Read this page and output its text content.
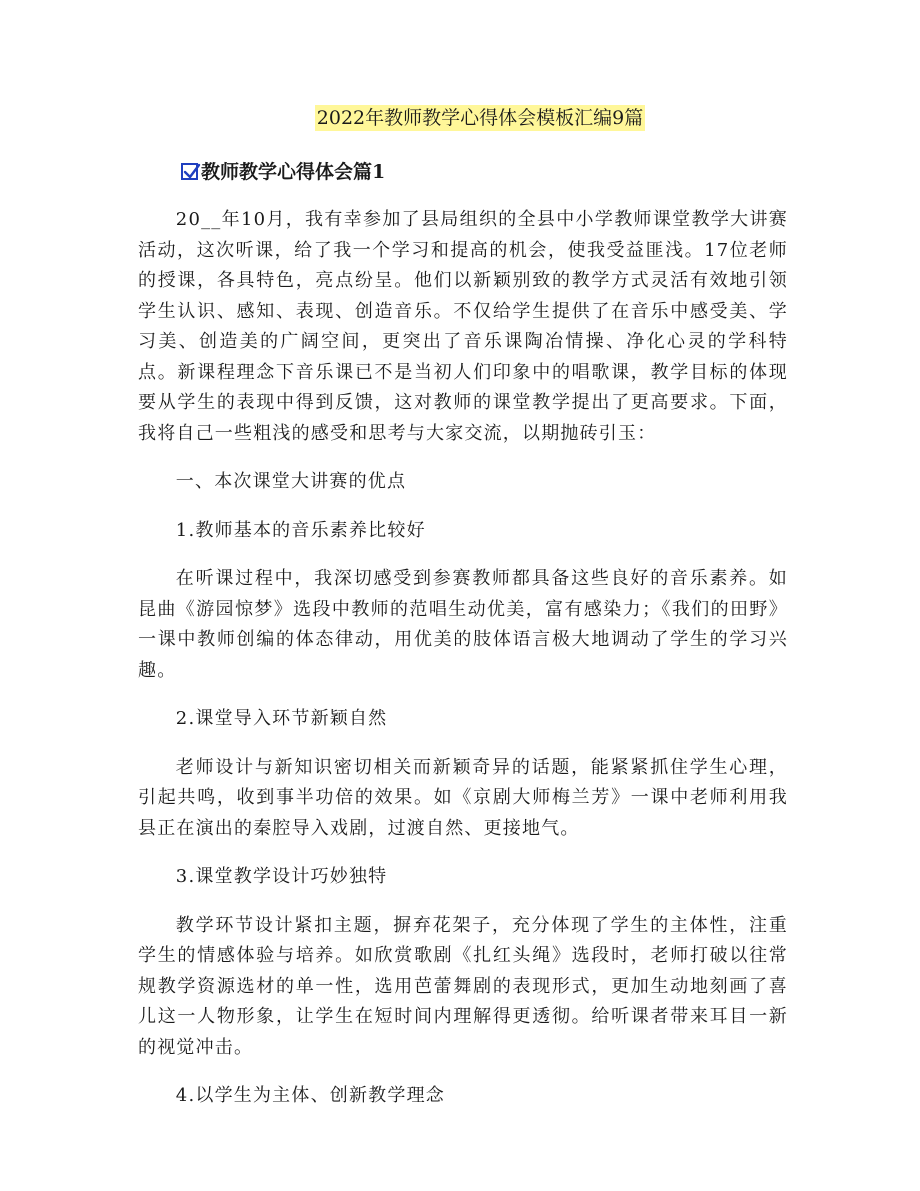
2022年教师教学心得体会模板汇编9篇
教师教学心得体会篇1

20__年10月，我有幸参加了县局组织的全县中小学教师课堂教学大讲赛活动，这次听课，给了我一个学习和提高的机会，使我受益匪浅。17位老师的授课，各具特色，亮点纷呈。他们以新颖别致的教学方式灵活有效地引领学生认识、感知、表现、创造音乐。不仅给学生提供了在音乐中感受美、学习美、创造美的广阔空间，更突出了音乐课陶冶情操、净化心灵的学科特点。新课程理念下音乐课已不是当初人们印象中的唱歌课，教学目标的体现要从学生的表现中得到反馈，这对教师的课堂教学提出了更高要求。下面，我将自己一些粗浅的感受和思考与大家交流，以期抛砖引玉：

一、本次课堂大讲赛的优点

1.教师基本的音乐素养比较好

在听课过程中，我深切感受到参赛教师都具备这些良好的音乐素养。如昆曲《游园惊梦》选段中教师的范唱生动优美，富有感染力；《我们的田野》一课中教师创编的体态律动，用优美的肢体语言极大地调动了学生的学习兴趣。

2.课堂导入环节新颖自然

老师设计与新知识密切相关而新颖奇异的话题，能紧紧抓住学生心理，引起共鸣，收到事半功倍的效果。如《京剧大师梅兰芳》一课中老师利用我县正在演出的秦腔导入戏剧，过渡自然、更接地气。

3.课堂教学设计巧妙独特

教学环节设计紧扣主题，摒弃花架子，充分体现了学生的主体性，注重学生的情感体验与培养。如欣赏歌剧《扎红头绳》选段时，老师打破以往常规教学资源选材的单一性，选用芭蕾舞剧的表现形式，更加生动地刻画了喜儿这一人物形象，让学生在短时间内理解得更透彻。给听课者带来耳目一新的视觉冲击。

4.以学生为主体、创新教学理念
